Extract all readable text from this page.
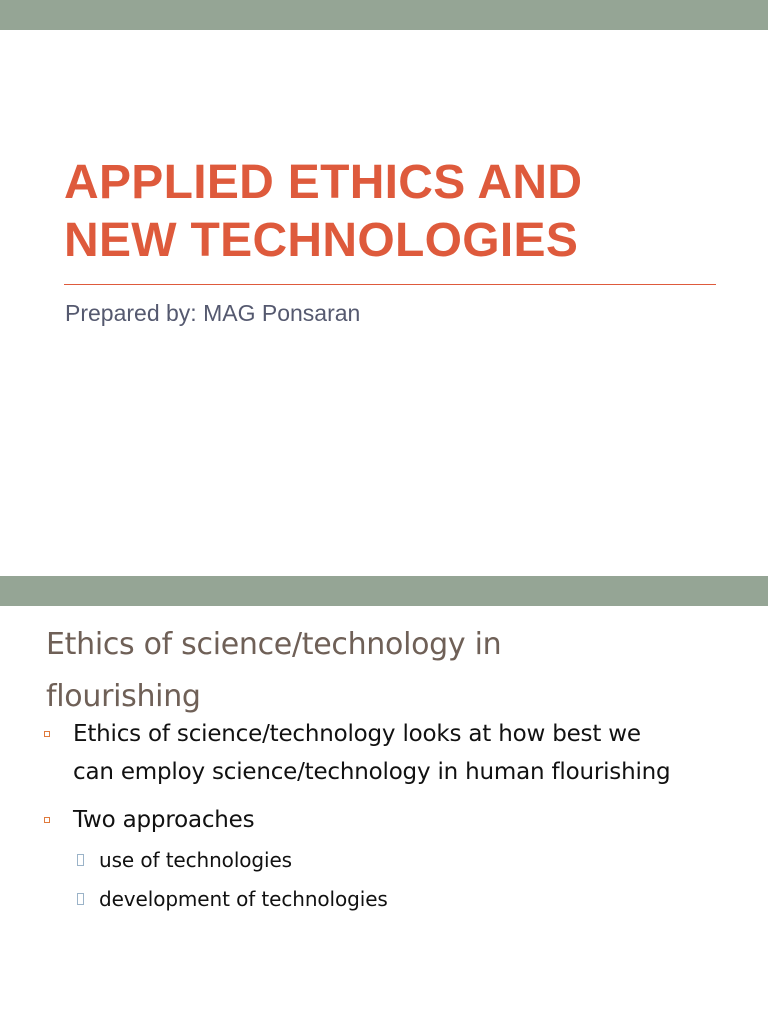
APPLIED ETHICS AND
NEW TECHNOLOGIES
Prepared by: MAG Ponsaran
Ethics of science/technology in
flourishing
Ethics of science/technology looks at how best we
can employ science/technology in human flourishing
Two approaches
use of technologies
development of technologies
